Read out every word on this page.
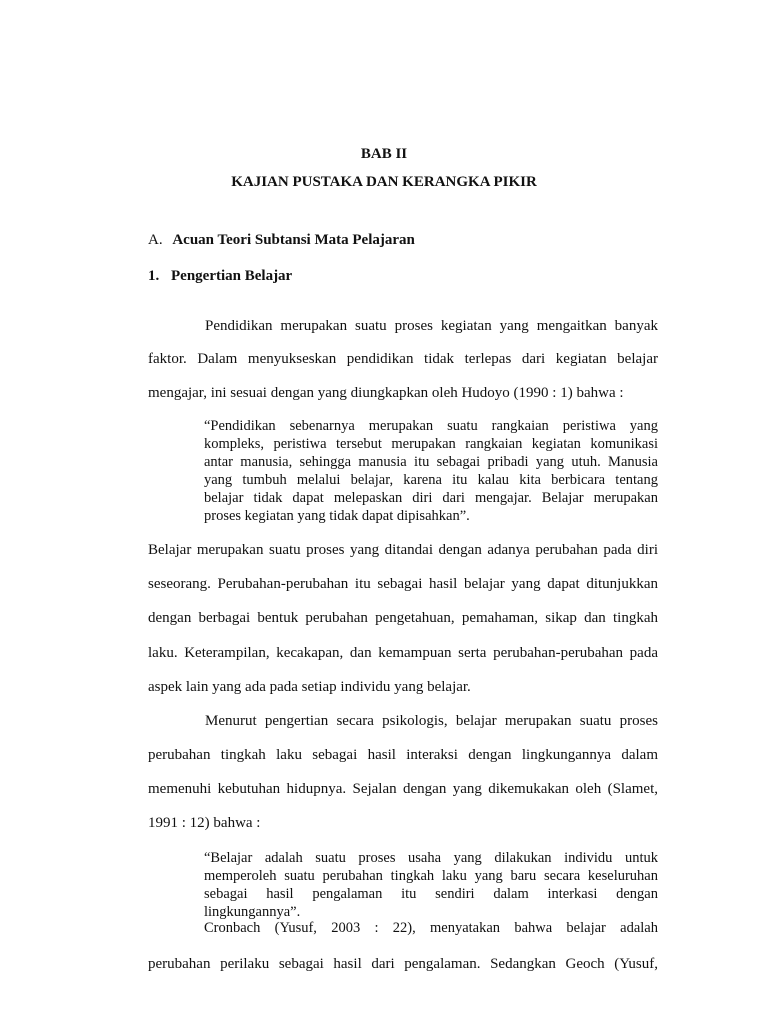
BAB II
KAJIAN PUSTAKA DAN KERANGKA PIKIR
A. Acuan Teori Subtansi Mata Pelajaran
1. Pengertian Belajar
Pendidikan merupakan suatu proses kegiatan yang mengaitkan banyak
faktor. Dalam menyukseskan pendidikan tidak terlepas dari kegiatan belajar
mengajar, ini sesuai dengan yang diungkapkan oleh Hudoyo (1990 : 1) bahwa :
“Pendidikan sebenarnya merupakan suatu rangkaian peristiwa yang
kompleks, peristiwa tersebut merupakan rangkaian kegiatan komunikasi
antar manusia, sehingga manusia itu sebagai pribadi yang utuh. Manusia
yang tumbuh melalui belajar, karena itu kalau kita berbicara tentang
belajar tidak dapat melepaskan diri dari mengajar. Belajar merupakan
proses kegiatan yang tidak dapat dipisahkan”.
Belajar merupakan suatu proses yang ditandai dengan adanya perubahan pada diri
seseorang. Perubahan-perubahan itu sebagai hasil belajar yang dapat ditunjukkan
dengan berbagai bentuk perubahan pengetahuan, pemahaman, sikap dan tingkah
laku. Keterampilan, kecakapan, dan kemampuan serta perubahan-perubahan pada
aspek lain yang ada pada setiap individu yang belajar.
Menurut pengertian secara psikologis, belajar merupakan suatu proses
perubahan tingkah laku sebagai hasil interaksi dengan lingkungannya dalam
memenuhi kebutuhan hidupnya. Sejalan dengan yang dikemukakan oleh (Slamet,
1991 : 12) bahwa :
“Belajar adalah suatu proses usaha yang dilakukan individu untuk
memperoleh suatu perubahan tingkah laku yang baru secara keseluruhan
sebagai hasil pengalaman itu sendiri dalam interkasi dengan
lingkungannya”.
Cronbach (Yusuf, 2003 : 22), menyatakan bahwa belajar adalah
perubahan perilaku sebagai hasil dari pengalaman. Sedangkan Geoch (Yusuf,
